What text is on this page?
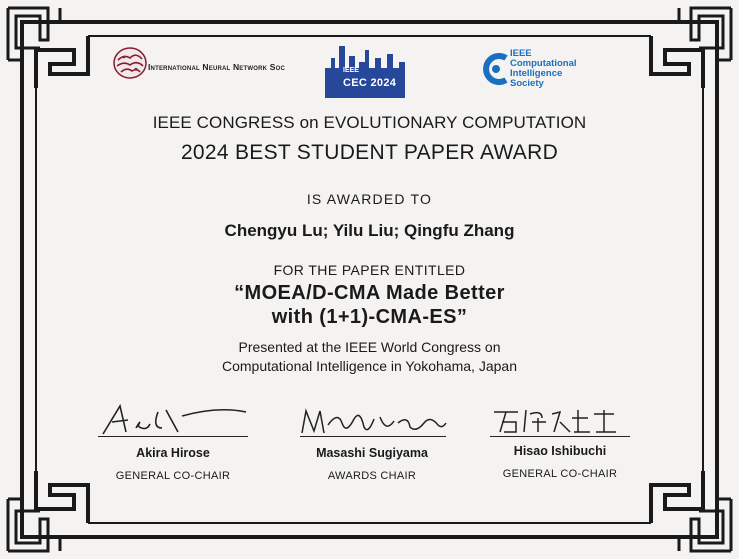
International Neural Network Soc	IEEE
CEC 2024
IEEE
Computational
Intelligence
Society
IEEE CONGRESS on EVOLUTIONARY COMPUTATION
2024 BEST STUDENT PAPER AWARD
IS AWARDED TO
Chengyu Lu; Yilu Liu; Qingfu Zhang
FOR THE PAPER ENTITLED
“MOEA/D-CMA Made Better
with (1+1)-CMA-ES”
Presented at the IEEE World Congress on
Computational Intelligence in Yokohama, Japan
Akira Hirose
GENERAL CO-CHAIR
Masashi Sugiyama
AWARDS CHAIR
Hisao Ishibuchi
GENERAL CO-CHAIR
